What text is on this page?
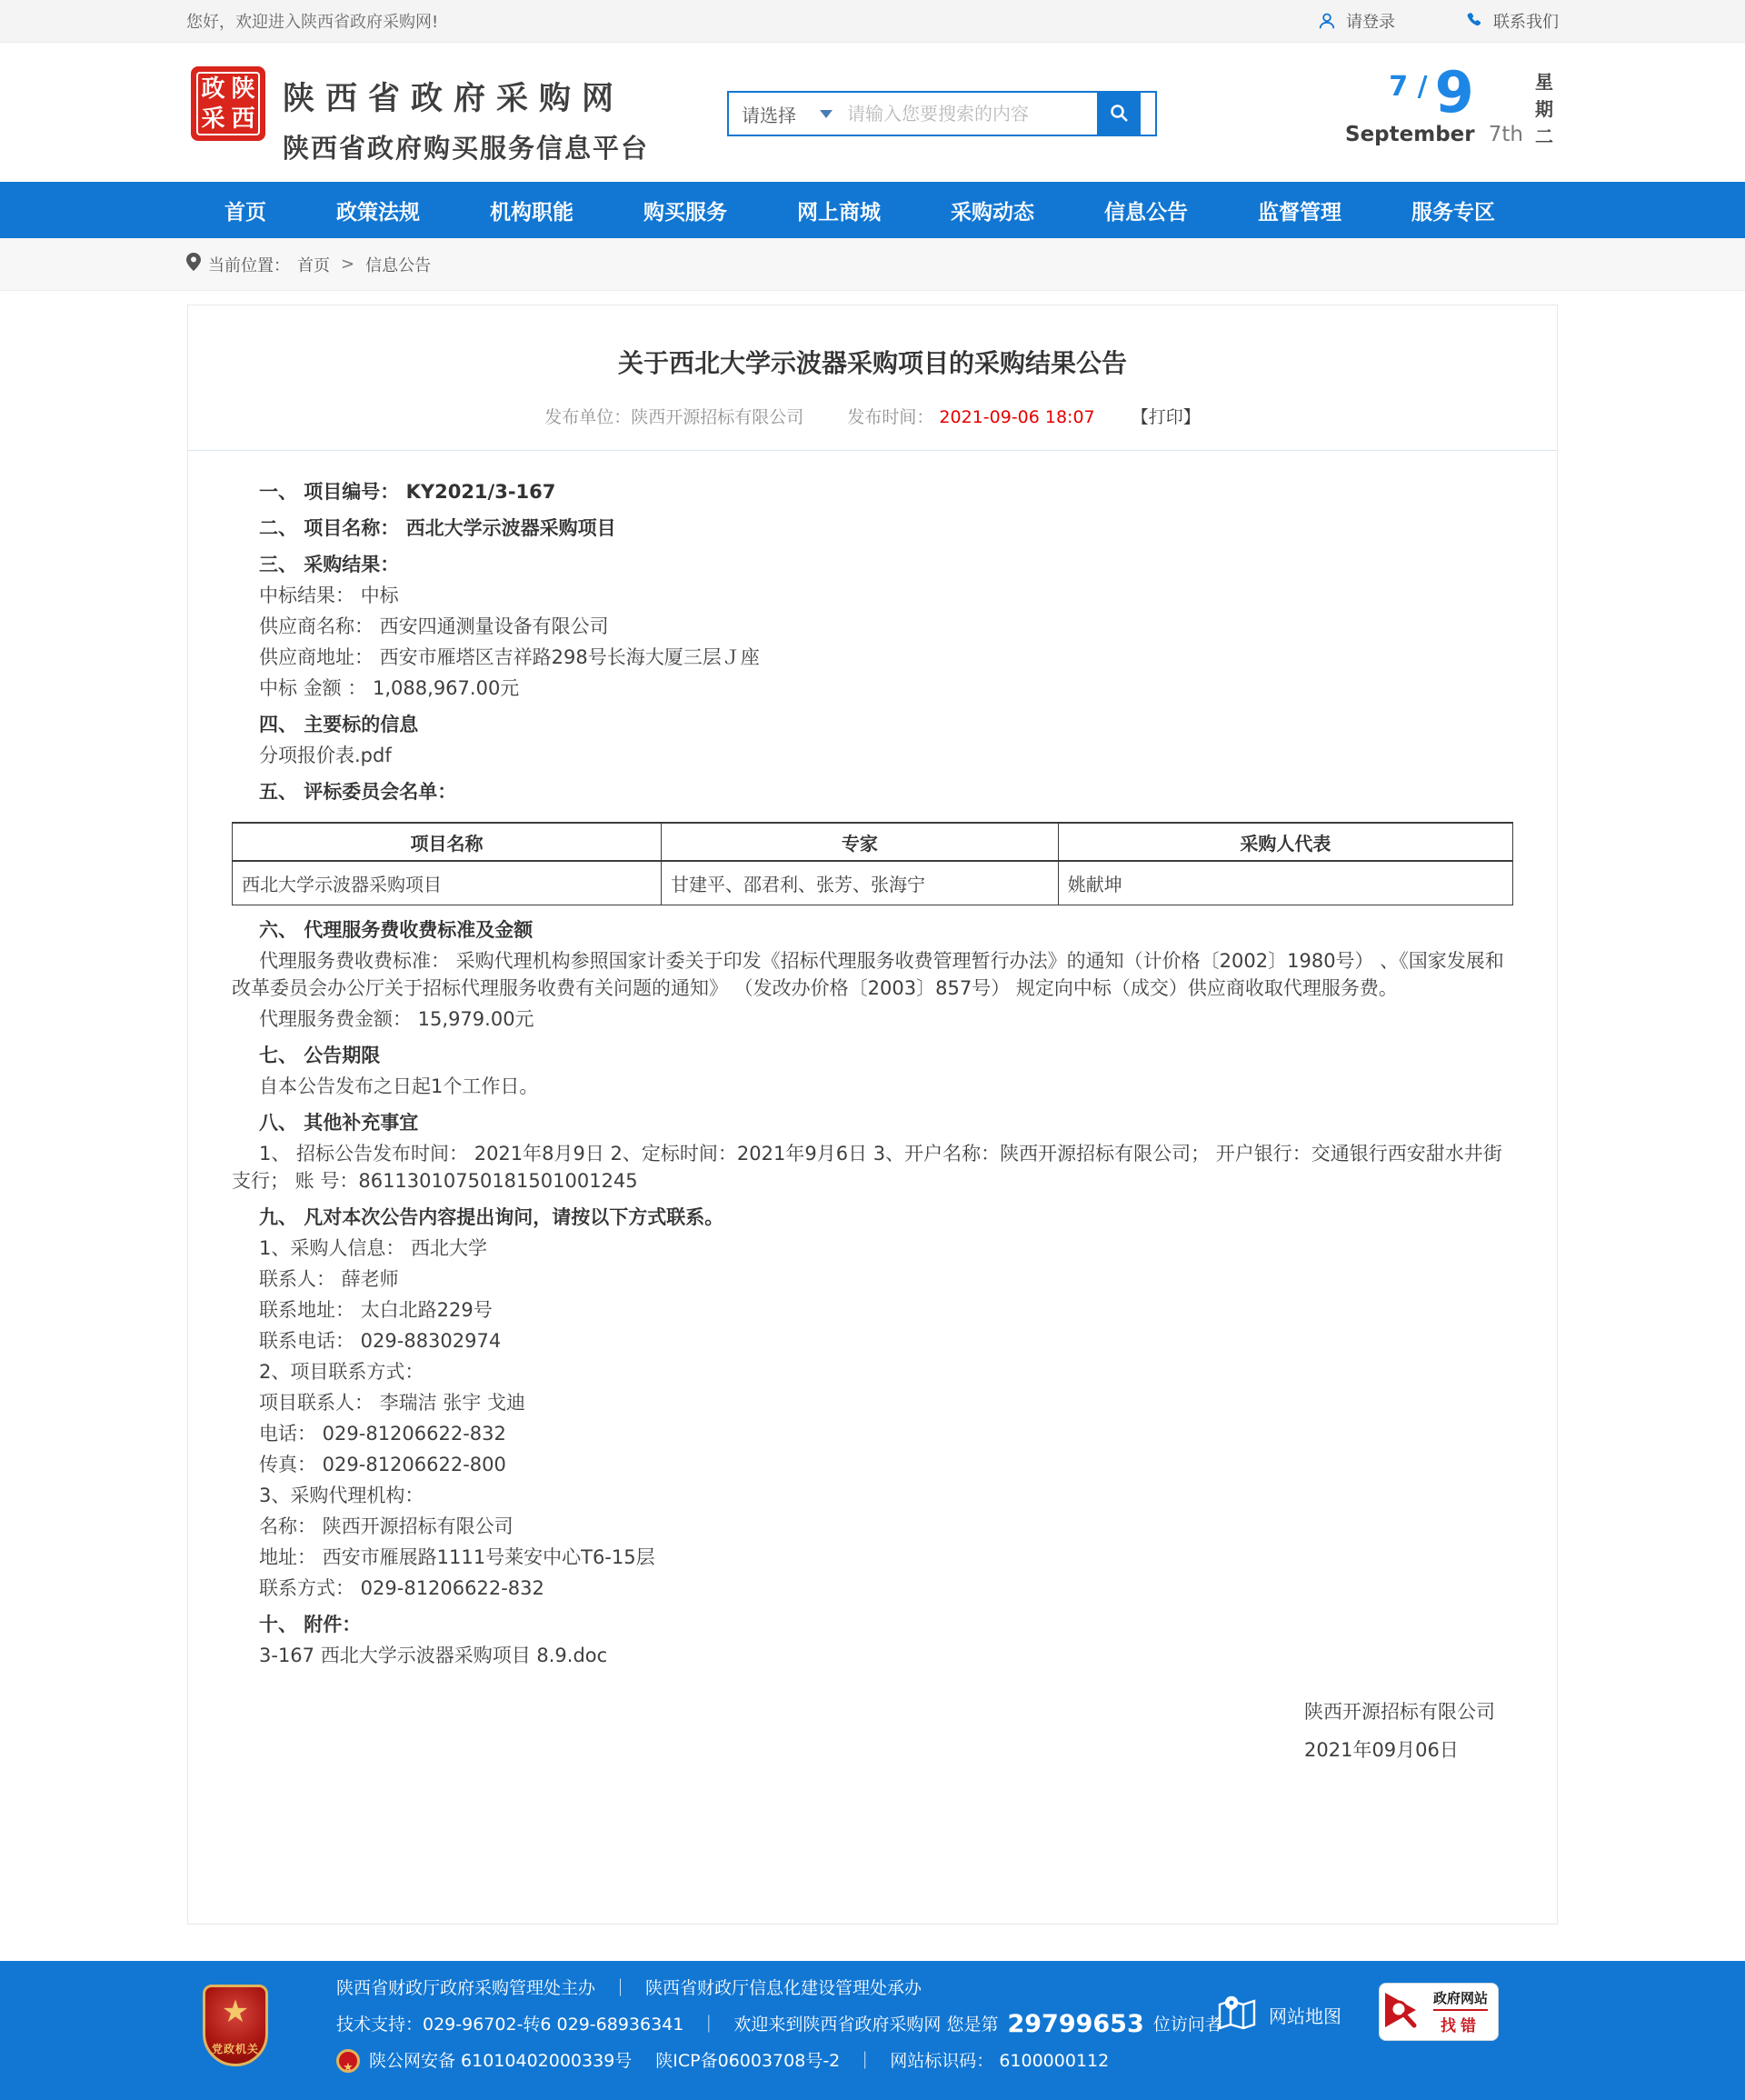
您好，欢迎进入陕西省政府采购网!	请登录	联系我们
政 陕
采 西
陕西省政府采购网
陕西省政府购买服务信息平台
请选择
请输入您要搜索的内容
7 / 9
September 7th
星期二
首页	政策法规	机构职能	购买服务	网上商城	采购动态	信息公告	监督管理	服务专区
当前位置： 首页 > 信息公告
关于西北大学示波器采购项目的采购结果公告
发布单位：陕西开源招标有限公司	发布时间： 2021-09-06 18:07 【打印】
一、 项目编号： KY2021/3-167
二、 项目名称： 西北大学示波器采购项目
三、 采购结果：
中标结果： 中标
供应商名称： 西安四通测量设备有限公司
供应商地址： 西安市雁塔区吉祥路298号长海大厦三层Ｊ座
中标 金额 ： 1,088,967.00元
四、 主要标的信息
分项报价表.pdf
五、 评标委员会名单：
项目名称	专家	采购人代表
西北大学示波器采购项目	甘建平、邵君利、张芳、张海宁	姚献坤
六、 代理服务费收费标准及金额
代理服务费收费标准： 采购代理机构参照国家计委关于印发《招标代理服务收费管理暂行办法》的通知（计价格〔2002〕1980号） 、《国家发展和改革委员会办公厅关于招标代理服务收费有关问题的通知》 （发改办价格〔2003〕857号） 规定向中标（成交）供应商收取代理服务费。
代理服务费金额： 15,979.00元
七、 公告期限
自本公告发布之日起1个工作日。
八、 其他补充事宜
1、 招标公告发布时间： 2021年8月9日 2、定标时间：2021年9月6日 3、开户名称：陕西开源招标有限公司； 开户银行：交通银行西安甜水井街支行； 账 号：86113010750181501001245
九、 凡对本次公告内容提出询问，请按以下方式联系。
1、采购人信息： 西北大学
联系人： 薛老师
联系地址： 太白北路229号
联系电话： 029-88302974
2、项目联系方式：
项目联系人： 李瑞洁 张宇 戈迪
电话： 029-81206622-832
传真： 029-81206622-800
3、采购代理机构：
名称： 陕西开源招标有限公司
地址： 西安市雁展路1111号莱安中心T6-15层
联系方式： 029-81206622-832
十、 附件：
3-167 西北大学示波器采购项目 8.9.doc
陕西开源招标有限公司
2021年09月06日
★
党政机关
陕西省财政厅政府采购管理处主办 ｜ 陕西省财政厅信息化建设管理处承办
技术支持：029-96702-转6 029-68936341 ｜ 欢迎来到陕西省政府采购网 您是第 29799653 位访问者
★
陕公网安备 61010402000339号 陕ICP备06003708号-2 ｜ 网站标识码： 6100000112
网站地图
政府网站
找错
